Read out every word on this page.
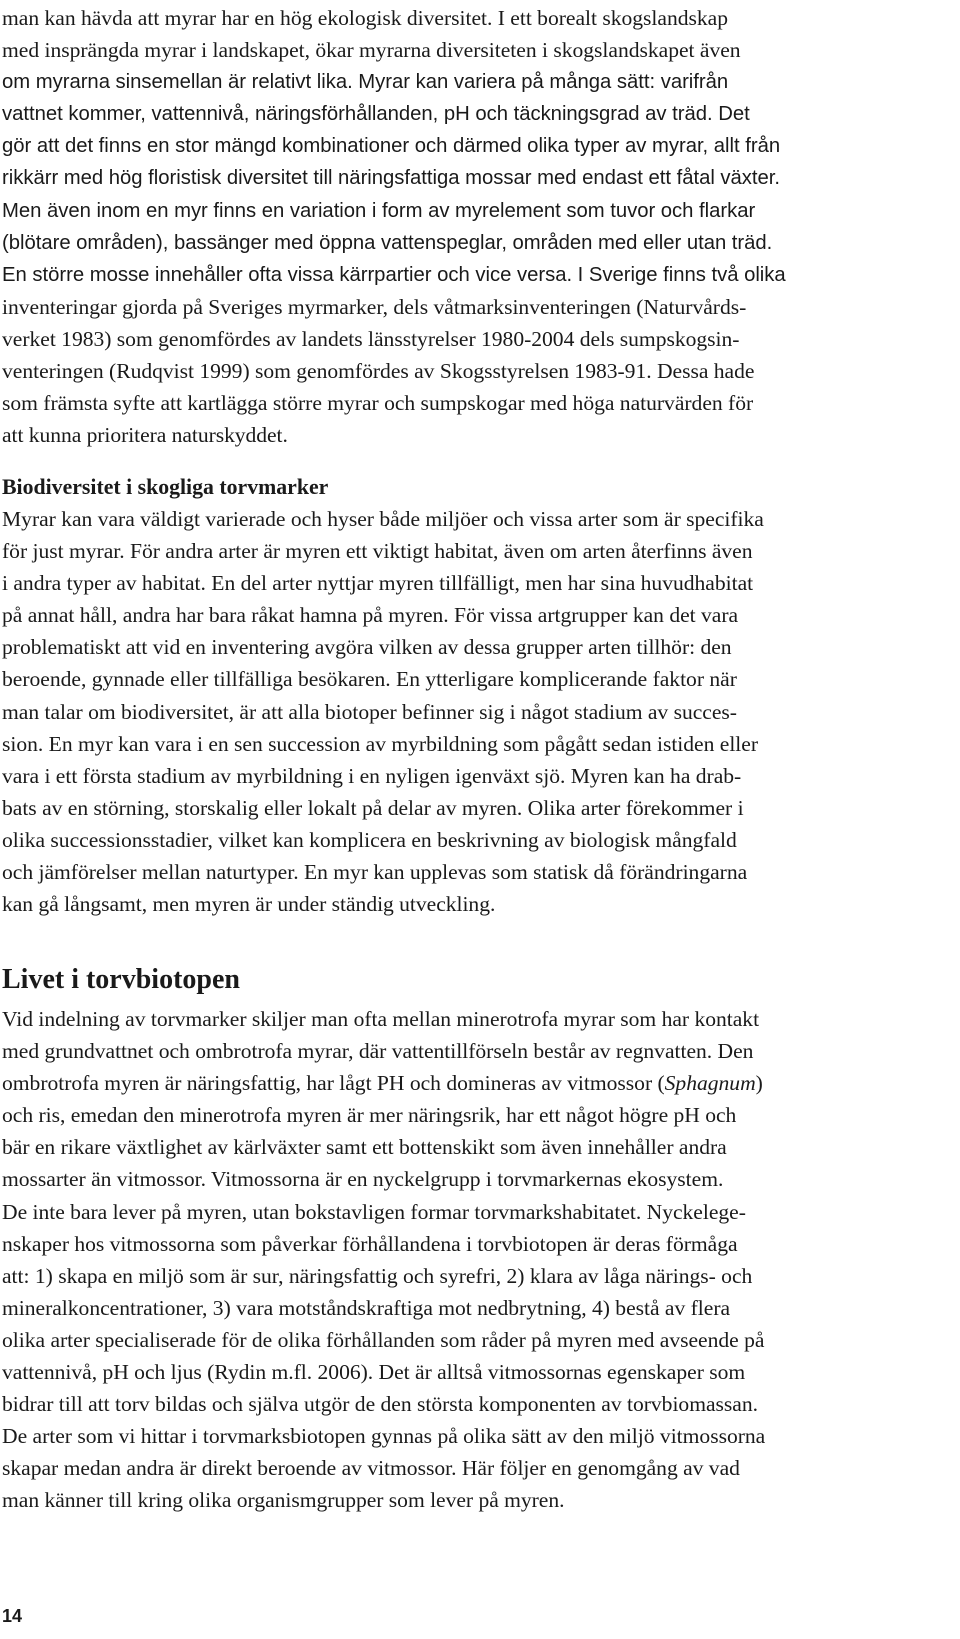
man kan hävda att myrar har en hög ekologisk diversitet. I ett borealt skogslandskap
med insprängda myrar i landskapet, ökar myrarna diversiteten i skogslandskapet även
om myrarna sinsemellan är relativt lika. Myrar kan variera på många sätt: varifrån
vattnet kommer, vattennivå, näringsförhållanden, pH och täckningsgrad av träd. Det
gör att det finns en stor mängd kombinationer och därmed olika typer av myrar, allt från
rikkärr med hög floristisk diversitet till näringsfattiga mossar med endast ett fåtal växter.
Men även inom en myr finns en variation i form av myrelement som tuvor och flarkar
(blötare områden), bassänger med öppna vattenspeglar, områden med eller utan träd.
En större mosse innehåller ofta vissa kärrpartier och vice versa. I Sverige finns två olika
inventeringar gjorda på Sveriges myrmarker, dels våtmarksinventeringen (Naturvårds-
verket 1983) som genomfördes av landets länsstyrelser 1980-2004 dels sumpskogsin-
venteringen (Rudqvist 1999) som genomfördes av Skogsstyrelsen 1983-91. Dessa hade
som främsta syfte att kartlägga större myrar och sumpskogar med höga naturvärden för
att kunna prioritera naturskyddet.
Biodiversitet i skogliga torvmarker
Myrar kan vara väldigt varierade och hyser både miljöer och vissa arter som är specifika
för just myrar. För andra arter är myren ett viktigt habitat, även om arten återfinns även
i andra typer av habitat. En del arter nyttjar myren tillfälligt, men har sina huvudhabitat
på annat håll, andra har bara råkat hamna på myren. För vissa artgrupper kan det vara
problematiskt att vid en inventering avgöra vilken av dessa grupper arten tillhör: den
beroende, gynnade eller tillfälliga besökaren. En ytterligare komplicerande faktor när
man talar om biodiversitet, är att alla biotoper befinner sig i något stadium av succes-
sion. En myr kan vara i en sen succession av myrbildning som pågått sedan istiden eller
vara i ett första stadium av myrbildning i en nyligen igenväxt sjö. Myren kan ha drab-
bats av en störning, storskalig eller lokalt på delar av myren. Olika arter förekommer i
olika successionsstadier, vilket kan komplicera en beskrivning av biologisk mångfald
och jämförelser mellan naturtyper. En myr kan upplevas som statisk då förändringarna
kan gå långsamt, men myren är under ständig utveckling.
Livet i torvbiotopen
Vid indelning av torvmarker skiljer man ofta mellan minerotrofa myrar som har kontakt
med grundvattnet och ombrotrofa myrar, där vattentillförseln består av regnvatten. Den
ombrotrofa myren är näringsfattig, har lågt PH och domineras av vitmossor (Sphagnum)
och ris, emedan den minerotrofa myren är mer näringsrik, har ett något högre pH och
bär en rikare växtlighet av kärlväxter samt ett bottenskikt som även innehåller andra
mossarter än vitmossor. Vitmossorna är en nyckelgrupp i torvmarkernas ekosystem.
De inte bara lever på myren, utan bokstavligen formar torvmarkshabitatet. Nyckelege-
nskaper hos vitmossorna som påverkar förhållandena i torvbiotopen är deras förmåga
att: 1) skapa en miljö som är sur, näringsfattig och syrefri, 2) klara av låga närings- och
mineralkoncentrationer, 3) vara motståndskraftiga mot nedbrytning, 4) bestå av flera
olika arter specialiserade för de olika förhållanden som råder på myren med avseende på
vattennivå, pH och ljus (Rydin m.fl. 2006). Det är alltså vitmossornas egenskaper som
bidrar till att torv bildas och själva utgör de den största komponenten av torvbiomassan.
De arter som vi hittar i torvmarksbiotopen gynnas på olika sätt av den miljö vitmossorna
skapar medan andra är direkt beroende av vitmossor. Här följer en genomgång av vad
man känner till kring olika organismgrupper som lever på myren.
14
